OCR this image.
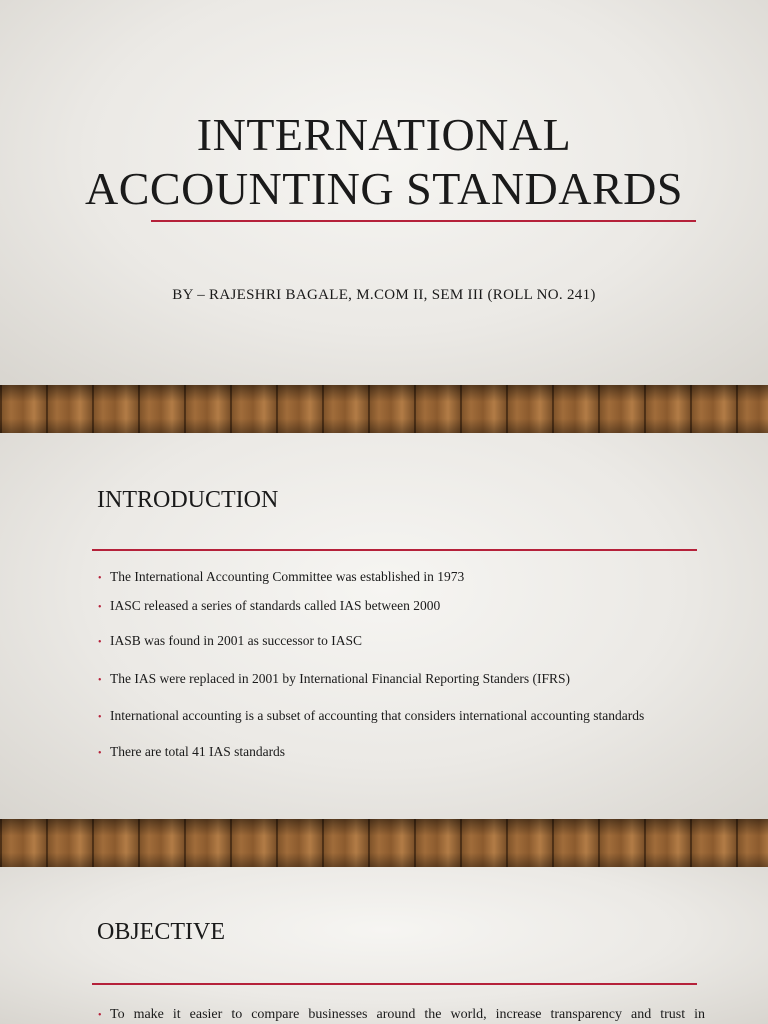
INTERNATIONAL
ACCOUNTING STANDARDS
BY – RAJESHRI BAGALE, M.COM II, SEM III (ROLL NO. 241)
INTRODUCTION
• The International Accounting Committee was established in 1973
• IASC released a series of standards called IAS between 2000
• IASB was found in 2001 as successor to IASC
• The IAS were replaced in 2001 by International Financial Reporting Standers (IFRS)
• International accounting is a subset of accounting that considers international accounting standards
• There are total 41 IAS standards
OBJECTIVE
• To make it easier to compare businesses around the world, increase transparency and trust in
